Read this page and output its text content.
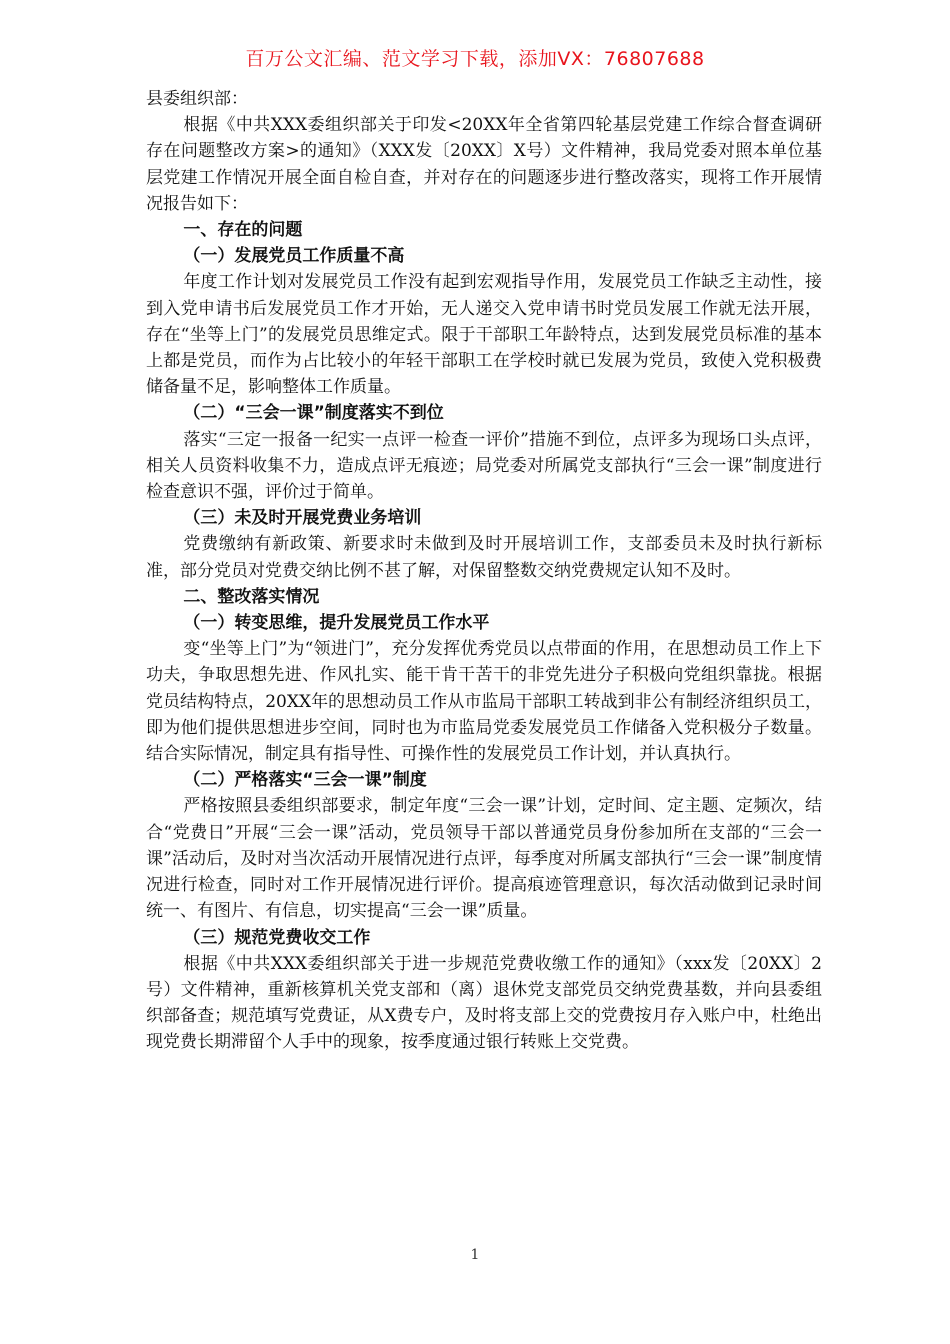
百万公文汇编、范文学习下载，添加VX：76807688

县委组织部：

根据《中共XXX委组织部关于印发<20XX年全省第四轮基层党建工作综合督查调研存在问题整改方案>的通知》（XXX发〔20XX〕X号）文件精神，我局党委对照本单位基层党建工作情况开展全面自检自查，并对存在的问题逐步进行整改落实，现将工作开展情况报告如下：

一、存在的问题

（一）发展党员工作质量不高

年度工作计划对发展党员工作没有起到宏观指导作用，发展党员工作缺乏主动性，接到入党申请书后发展党员工作才开始，无人递交入党申请书时党员发展工作就无法开展，存在“坐等上门”的发展党员思维定式。限于干部职工年龄特点，达到发展党员标准的基本上都是党员，而作为占比较小的年轻干部职工在学校时就已发展为党员，致使入党积极费储备量不足，影响整体工作质量。

（二）“三会一课”制度落实不到位

落实“三定一报备一纪实一点评一检查一评价”措施不到位，点评多为现场口头点评，相关人员资料收集不力，造成点评无痕迹；局党委对所属党支部执行“三会一课”制度进行检查意识不强，评价过于简单。

（三）未及时开展党费业务培训

党费缴纳有新政策、新要求时未做到及时开展培训工作，支部委员未及时执行新标准，部分党员对党费交纳比例不甚了解，对保留整数交纳党费规定认知不及时。

二、整改落实情况

（一）转变思维，提升发展党员工作水平

变“坐等上门”为“领进门”，充分发挥优秀党员以点带面的作用，在思想动员工作上下功夫，争取思想先进、作风扎实、能干肯干苦干的非党先进分子积极向党组织靠拢。根据党员结构特点，20XX年的思想动员工作从市监局干部职工转战到非公有制经济组织员工，即为他们提供思想进步空间，同时也为市监局党委发展党员工作储备入党积极分子数量。结合实际情况，制定具有指导性、可操作性的发展党员工作计划，并认真执行。

（二）严格落实“三会一课”制度

严格按照县委组织部要求，制定年度“三会一课”计划，定时间、定主题、定频次，结合“党费日”开展“三会一课”活动，党员领导干部以普通党员身份参加所在支部的“三会一课”活动后，及时对当次活动开展情况进行点评，每季度对所属支部执行“三会一课”制度情况进行检查，同时对工作开展情况进行评价。提高痕迹管理意识，每次活动做到记录时间统一、有图片、有信息，切实提高“三会一课”质量。

（三）规范党费收交工作

根据《中共XXX委组织部关于进一步规范党费收缴工作的通知》（xxx发〔20XX〕2号）文件精神，重新核算机关党支部和（离）退休党支部党员交纳党费基数，并向县委组织部备查；规范填写党费证，从X费专户，及时将支部上交的党费按月存入账户中，杜绝出现党费长期滞留个人手中的现象，按季度通过银行转账上交党费。

1
